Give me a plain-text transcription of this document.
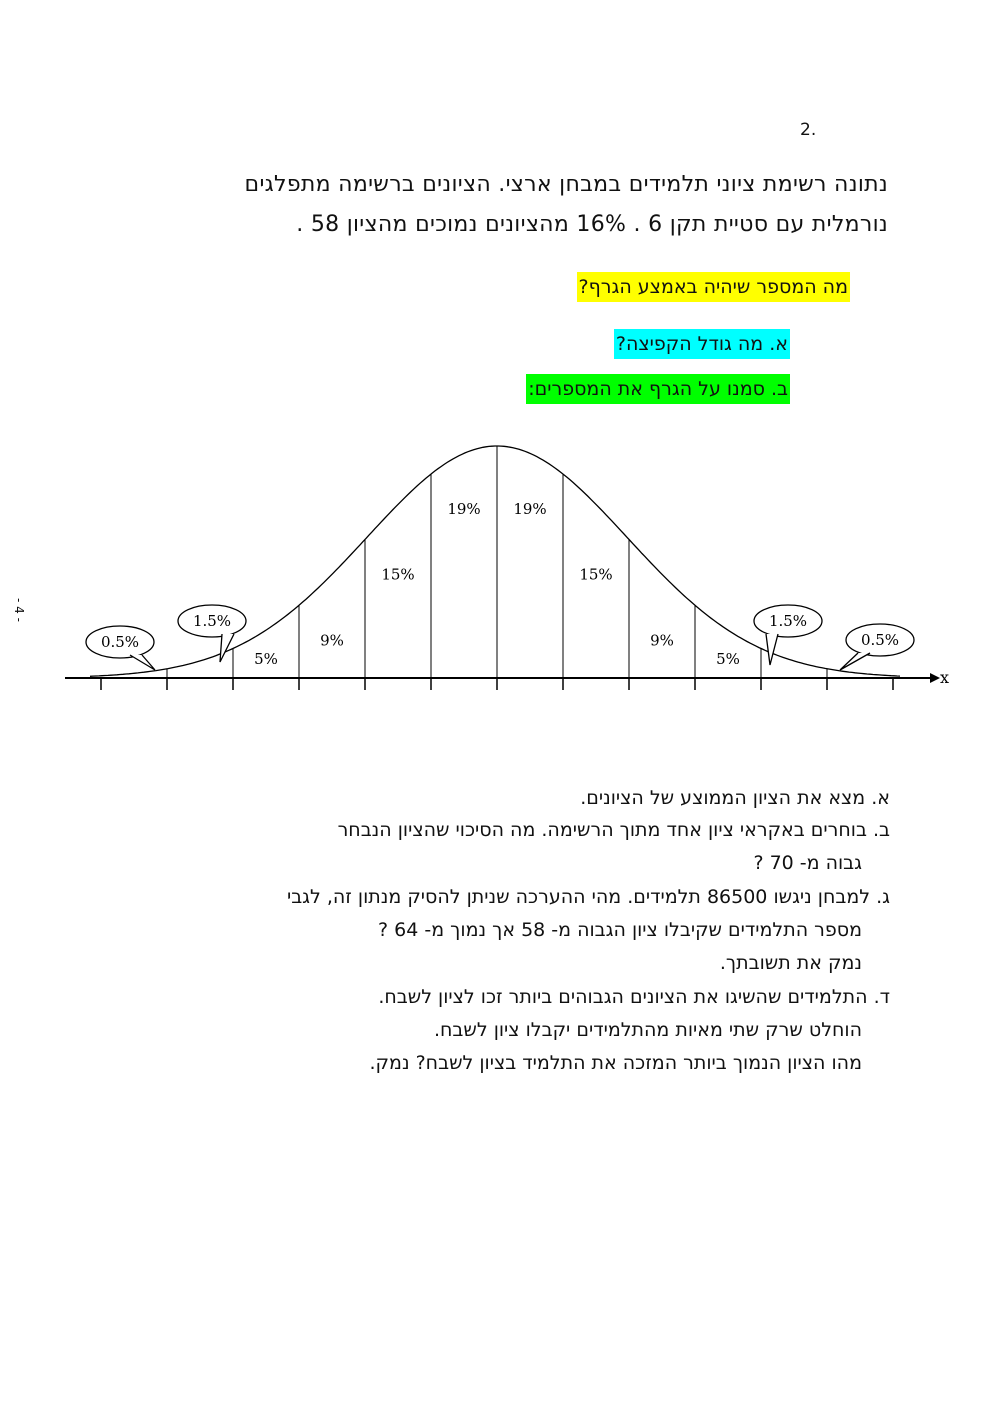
2.
נתונה רשימת ציוני תלמידים במבחן ארצי. הציונים ברשימה מתפלגים
נורמלית עם סטיית תקן 6 . 16% מהציונים נמוכים מהציון 58 .
מה המספר שיהיה באמצע הגרף?
א. מה גודל הקפיצה?
ב. סמנו על הגרף את המספרים:
- 4 -
x
5%
9%
15%
19% 19%
15%
9%
5%
0.5%
1.5%	1.5%
0.5%
א. מצא את הציון הממוצע של הציונים.
ב. בוחרים באקראי ציון אחד מתוך הרשימה. מה הסיכוי שהציון הנבחר
גבוה מ- 70 ?
ג. למבחן ניגשו 86500 תלמידים. מהי ההערכה שניתן להסיק מנתון זה, לגבי
מספר התלמידים שקיבלו ציון הגבוה מ- 58 אך נמוך מ- 64 ?
נמק את תשובתך.
ד. התלמידים שהשיגו את הציונים הגבוהים ביותר זכו לציון לשבח.
הוחלט שרק שתי מאיות מהתלמידים יקבלו ציון לשבח.
מהו הציון הנמוך ביותר המזכה את התלמיד בציון לשבח? נמק.
